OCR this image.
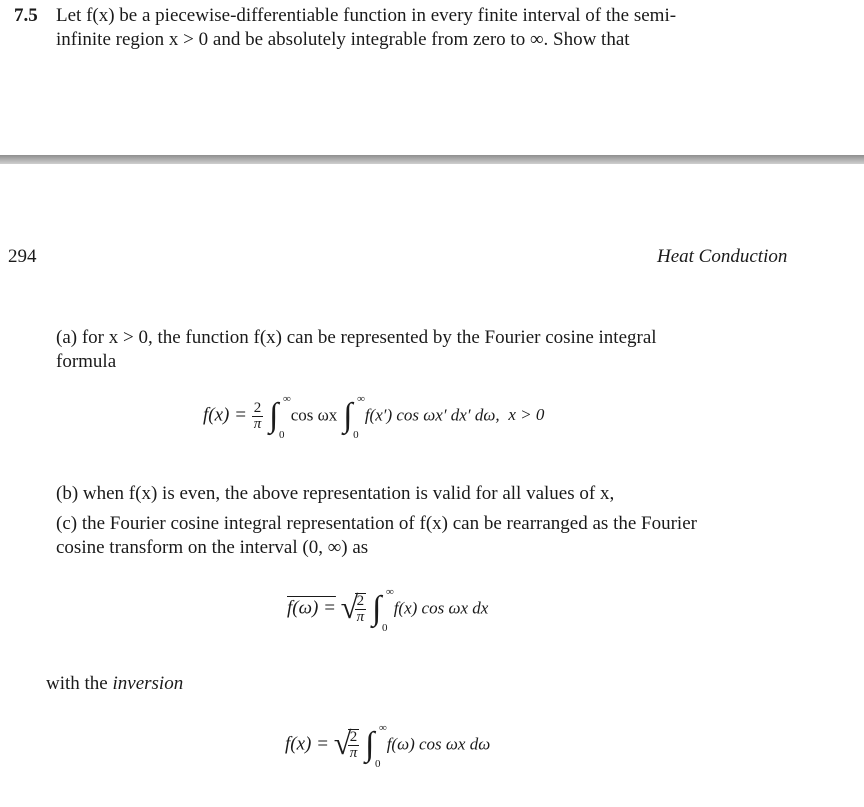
7.5 Let f(x) be a piecewise-differentiable function in every finite interval of the semi-
infinite region x > 0 and be absolutely integrable from zero to ∞. Show that
294	Heat Conduction
(a) for x > 0, the function f(x) can be represented by the Fourier cosine integral
formula
$f(x) = \frac{2}{\pi}$ ∫ ∞
0
cos ωx ∫ ∞
0
f(x′) cos ωx′ dx′ dω, x > 0
(b) when f(x) is even, the above representation is valid for all values of x,
(c) the Fourier cosine integral representation of f(x) can be rearranged as the Fourier
cosine transform on the interval (0, ∞) as
f(ω) = √
$\frac{2}{\pi}$ ∫ ∞
0
f(x) cos ωx dx
with the inversion
f(x) = √
$\frac{2}{\pi}$ ∫ ∞
0
f(ω) cos ωx dω
